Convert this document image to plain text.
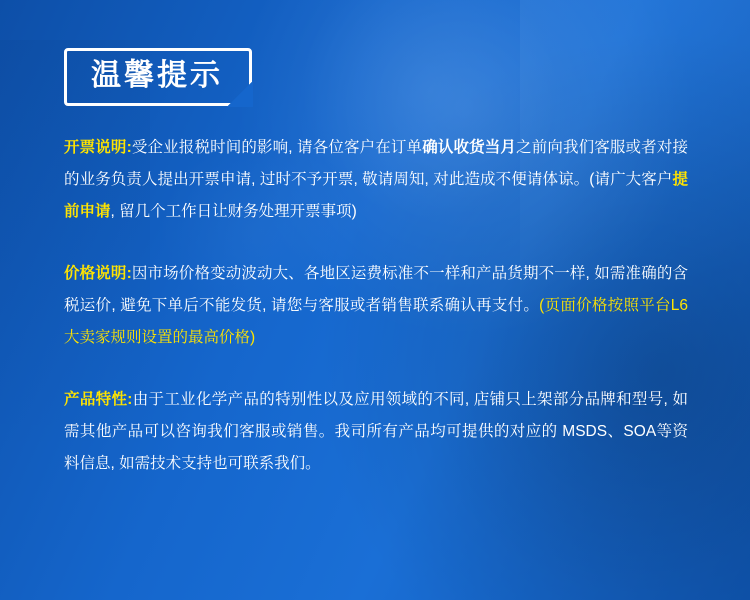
温馨提示
开票说明:受企业报税时间的影响, 请各位客户在订单确认收货当月之前向我们客服或者对接的业务负责人提出开票申请, 过时不予开票, 敬请周知, 对此造成不便请体谅。(请广大客户提前申请, 留几个工作日让财务处理开票事项)
价格说明:因市场价格变动波动大、各地区运费标准不一样和产品货期不一样, 如需准确的含税运价, 避免下单后不能发货, 请您与客服或者销售联系确认再支付。(页面价格按照平台L6大卖家规则设置的最高价格)
产品特性:由于工业化学产品的特别性以及应用领域的不同, 店铺只上架部分品牌和型号, 如需其他产品可以咨询我们客服或销售。我司所有产品均可提供的对应的 MSDS、SOA等资料信息, 如需技术支持也可联系我们。
